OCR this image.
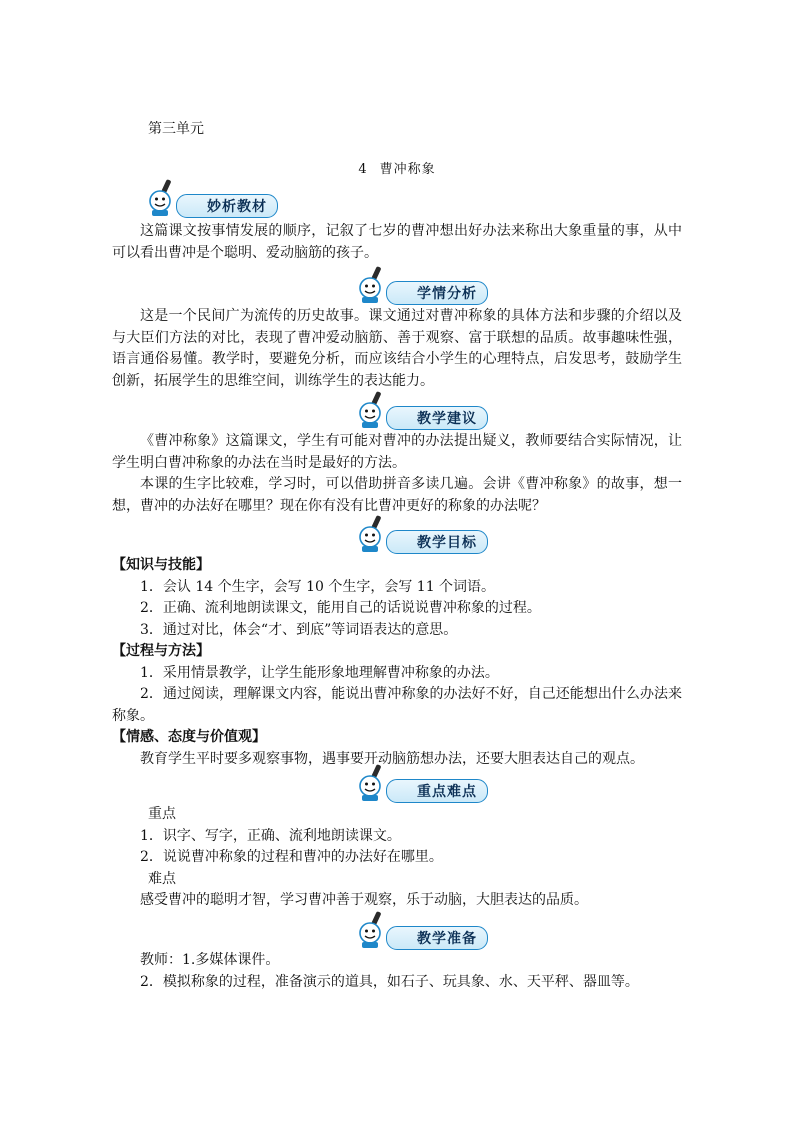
第三单元
4 曹冲称象
妙析教材

这篇课文按事情发展的顺序，记叙了七岁的曹冲想出好办法来称出大象重量的事，从中可以看出曹冲是个聪明、爱动脑筋的孩子。

学情分析

这是一个民间广为流传的历史故事。课文通过对曹冲称象的具体方法和步骤的介绍以及与大臣们方法的对比，表现了曹冲爱动脑筋、善于观察、富于联想的品质。故事趣味性强，语言通俗易懂。教学时，要避免分析，而应该结合小学生的心理特点，启发思考，鼓励学生创新，拓展学生的思维空间，训练学生的表达能力。

教学建议

《曹冲称象》这篇课文，学生有可能对曹冲的办法提出疑义，教师要结合实际情况，让学生明白曹冲称象的办法在当时是最好的方法。

本课的生字比较难，学习时，可以借助拼音多读几遍。会讲《曹冲称象》的故事，想一想，曹冲的办法好在哪里？现在你有没有比曹冲更好的称象的办法呢？

教学目标

【知识与技能】

1．会认 14 个生字，会写 10 个生字，会写 11 个词语。

2．正确、流利地朗读课文，能用自己的话说说曹冲称象的过程。

3．通过对比，体会“才、到底”等词语表达的意思。

【过程与方法】

1．采用情景教学，让学生能形象地理解曹冲称象的办法。

2．通过阅读，理解课文内容，能说出曹冲称象的办法好不好，自己还能想出什么办法来称象。

【情感、态度与价值观】

教育学生平时要多观察事物，遇事要开动脑筋想办法，还要大胆表达自己的观点。

重点难点

重点

1．识字、写字，正确、流利地朗读课文。

2．说说曹冲称象的过程和曹冲的办法好在哪里。

难点

感受曹冲的聪明才智，学习曹冲善于观察，乐于动脑，大胆表达的品质。

教学准备

教师：1.多媒体课件。

2．模拟称象的过程，准备演示的道具，如石子、玩具象、水、天平秤、器皿等。
